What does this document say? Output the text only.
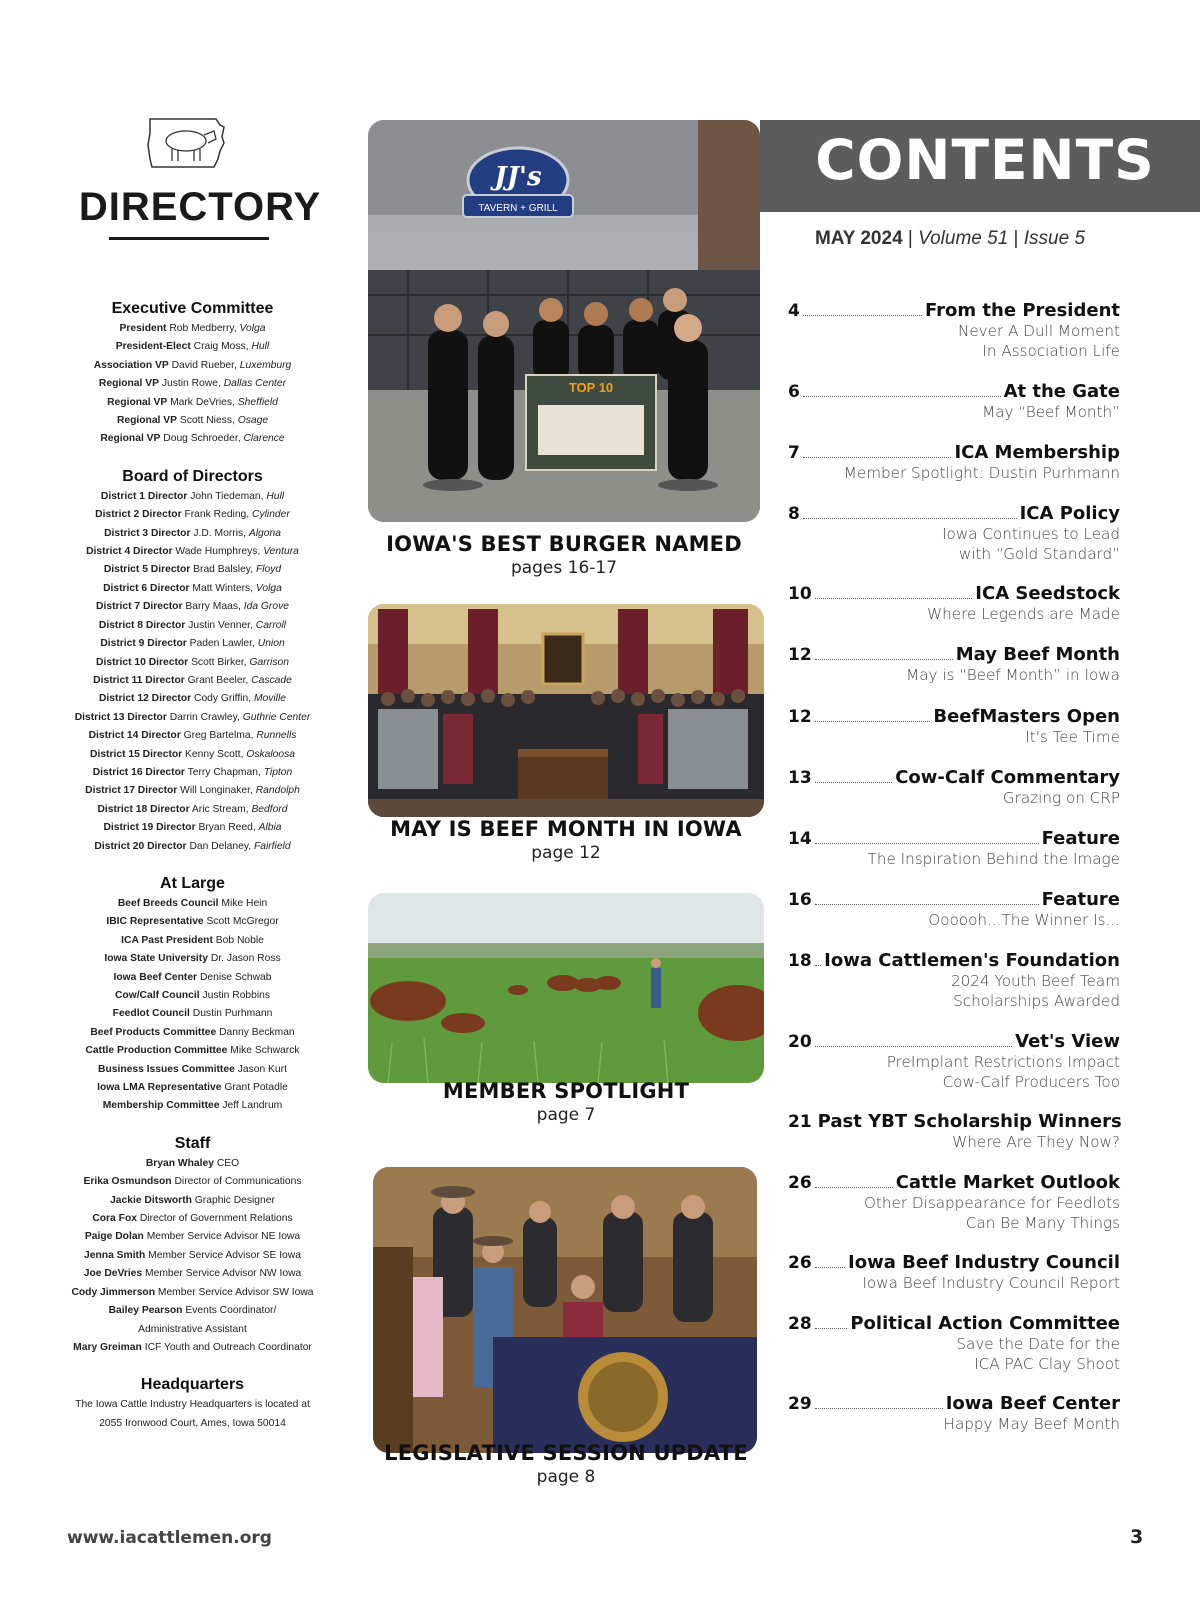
DIRECTORY
Executive Committee
President Rob Medberry, Volga
President-Elect Craig Moss, Hull
Association VP David Rueber, Luxemburg
Regional VP Justin Rowe, Dallas Center
Regional VP Mark DeVries, Sheffield
Regional VP Scott Niess, Osage
Regional VP Doug Schroeder, Clarence
Board of Directors
District 1 Director John Tiedeman, Hull
District 2 Director Frank Reding, Cylinder
District 3 Director J.D. Morris, Algona
District 4 Director Wade Humphreys, Ventura
District 5 Director Brad Balsley, Floyd
District 6 Director Matt Winters, Volga
District 7 Director Barry Maas, Ida Grove
District 8 Director Justin Venner, Carroll
District 9 Director Paden Lawler, Union
District 10 Director Scott Birker, Garrison
District 11 Director Grant Beeler, Cascade
District 12 Director Cody Griffin, Moville
District 13 Director Darrin Crawley, Guthrie Center
District 14 Director Greg Bartelma, Runnells
District 15 Director Kenny Scott, Oskaloosa
District 16 Director Terry Chapman, Tipton
District 17 Director Will Longinaker, Randolph
District 18 Director Aric Stream, Bedford
District 19 Director Bryan Reed, Albia
District 20 Director Dan Delaney, Fairfield
At Large
Beef Breeds Council Mike Hein
IBIC Representative Scott McGregor
ICA Past President Bob Noble
Iowa State University Dr. Jason Ross
Iowa Beef Center Denise Schwab
Cow/Calf Council Justin Robbins
Feedlot Council Dustin Purhmann
Beef Products Committee Danny Beckman
Cattle Production Committee Mike Schwarck
Business Issues Committee Jason Kurt
Iowa LMA Representative Grant Potadle
Membership Committee Jeff Landrum
Staff
Bryan Whaley CEO
Erika Osmundson Director of Communications
Jackie Ditsworth Graphic Designer
Cora Fox Director of Government Relations
Paige Dolan Member Service Advisor NE Iowa
Jenna Smith Member Service Advisor SE Iowa
Joe DeVries Member Service Advisor NW Iowa
Cody Jimmerson Member Service Advisor SW Iowa
Bailey Pearson Events Coordinator/
Administrative Assistant
Mary Greiman ICF Youth and Outreach Coordinator
Headquarters
The Iowa Cattle Industry Headquarters is located at
2055 Ironwood Court, Ames, Iowa 50014
JJ's
TAVERN + GRILL
TOP 10
IOWA'S BEST BURGER NAMED
pages 16-17
MAY IS BEEF MONTH IN IOWA
page 12
MEMBER SPOTLIGHT
page 7
LEGISLATIVE SESSION UPDATE
page 8
CONTENTS
MAY 2024 | Volume 51 | Issue 5
4	From the President
Never A Dull Moment
In Association Life
6	At the Gate
May “Beef Month”
7	ICA Membership
Member Spotlight: Dustin Purhmann
8	ICA Policy
Iowa Continues to Lead
with “Gold Standard”
10	ICA Seedstock
Where Legends are Made
12	May Beef Month
May is “Beef Month” in Iowa
12	BeefMasters Open
It's Tee Time
13	Cow-Calf Commentary
Grazing on CRP
14	Feature
The Inspiration Behind the Image
16	Feature
Oooooh...The Winner Is...
18 Iowa Cattlemen's Foundation
2024 Youth Beef Team
Scholarships Awarded
20	Vet's View
PreImplant Restrictions Impact
Cow-Calf Producers Too
21 Past YBT Scholarship Winners
Where Are They Now?
26	Cattle Market Outlook
Other Disappearance for Feedlots
Can Be Many Things
26 Iowa Beef Industry Council
Iowa Beef Industry Council Report
28 Political Action Committee
Save the Date for the
ICA PAC Clay Shoot
29	Iowa Beef Center
Happy May Beef Month
www.iacattlemen.org	3
